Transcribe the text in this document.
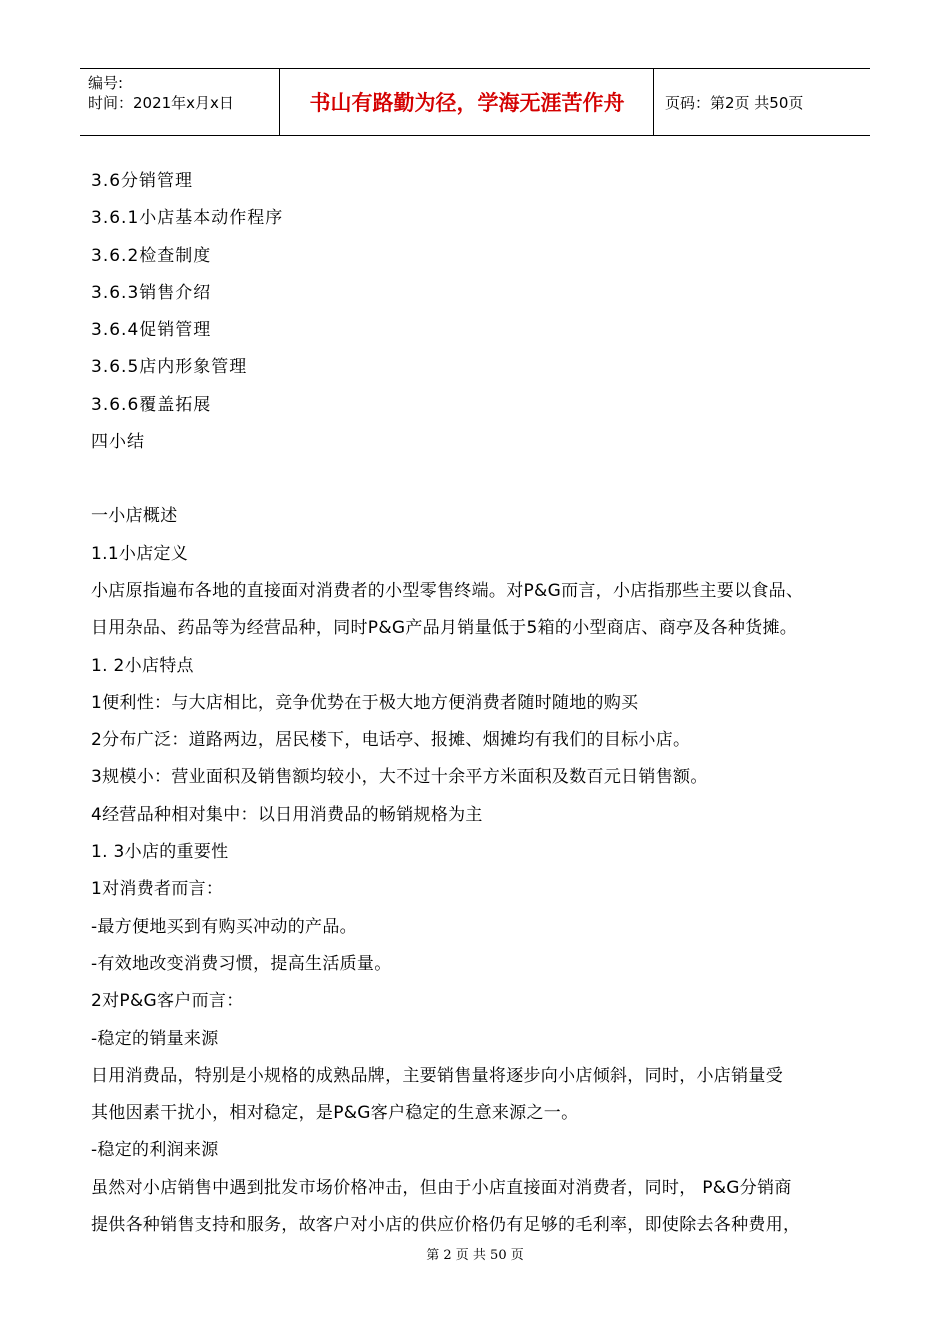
编号:
时间：2021年x月x日	书山有路勤为径，学海无涯苦作舟	页码：第2页 共50页
3.6分销管理
3.6.1小店基本动作程序
3.6.2检查制度
3.6.3销售介绍
3.6.4促销管理
3.6.5店内形象管理
3.6.6覆盖拓展
四小结
一小店概述
1.1小店定义
小店原指遍布各地的直接面对消费者的小型零售终端。对P&G而言，小店指那些主要以食品、
日用杂品、药品等为经营品种，同时P&G产品月销量低于5箱的小型商店、商亭及各种货摊。
1. 2小店特点
1便利性：与大店相比，竞争优势在于极大地方便消费者随时随地的购买
2分布广泛：道路两边，居民楼下，电话亭、报摊、烟摊均有我们的目标小店。
3规模小：营业面积及销售额均较小，大不过十余平方米面积及数百元日销售额。
4经营品种相对集中：以日用消费品的畅销规格为主
1. 3小店的重要性
1对消费者而言：
-最方便地买到有购买冲动的产品。
-有效地改变消费习惯，提高生活质量。
2对P&G客户而言：
-稳定的销量来源
日用消费品，特别是小规格的成熟品牌，主要销售量将逐步向小店倾斜，同时，小店销量受
其他因素干扰小，相对稳定，是P&G客户稳定的生意来源之一。
-稳定的利润来源
虽然对小店销售中遇到批发市场价格冲击，但由于小店直接面对消费者，同时， P&G分销商
提供各种销售支持和服务，故客户对小店的供应价格仍有足够的毛利率，即使除去各种费用，
第 2 页 共 50 页
